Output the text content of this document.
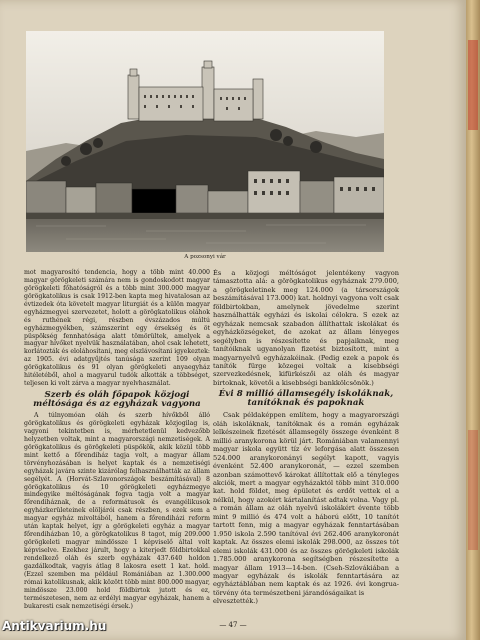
A pozsonyi vár

mot magyarosító tendencia, hogy a több mint 40.000 magyar görögkeleti számára nem is gondoskodott magyar görögkeleti főhatóságról és a több mint 300.000 magyar görögkatolikus is csak 1912-ben kapta meg hivatalosan az évtizedek óta követelt magyar liturgiát és a külön magyar egyházmegyei szervezetet, holott a görögkatolikus oláhok és ruthének régi, részben évszázados múltú egyházmegyékben, számszerint egy érsekség és öt püspökség fennhatósága alatt tömörültek, amelyek a magyar hívőket nyelvük használatában, ahol csak lehetett, korlátozták és eloláhosítani, meg elszlávosítani igyekeztek: az 1905. évi adatgyűjtés tanúsága szerint 109 olyan görögkatolikus és 91 olyan görögkeleti anyaegyház hitéletéből, ahol a magyarul tudók alkották a többséget, teljesen ki volt zárva a magyar nyelvhasználat.

Szerb és oláh főpapok közjogi méltósága és az egyházak vagyona

A túlnyomóan oláh és szerb hívőkből álló görögkatolikus és görögkeleti egyházak közjogilag is, vagyoni tekintetben is, mérhetetlenül kedvezőbb helyzetben voltak, mint a magyarországi nemzetiségek. A görögkatolikus és görögkeleti püspökök, akik közül több mint kettő a főrendiház tagja volt, a magyar állam törvényhozásában is helyet kaptak és a nemzetiségi egyházak javára szinte kizárólag felhasználhatták az állam segélyét. A (Horvát-Szlavonországok beszámításával) 8 görögkatolikus és 10 görögkeleti egyházmegye mindegyike méltóságának fogva tagja volt a magyar főrendiháznak, de a reformátusok és evangélikusok egyházkerületeinek elöljárói csak részben, s ezek sem a magyar egyház mivoltából, hanem a főrendiházi reform után kaptak helyet, így a görögkeleti egyház a magyar főrendiházban 10, a görögkatolikus 8 tagot, míg 209.000 görögkeleti magyar mindössze 1 képviselő által volt képviselve. Ezekhez járult, hogy a kiterjedt földbirtokkal rendelkező oláh és szerb egyházak 437.640 holdon gazdálkodtak, vagyis átlag 8 lakosra esett 1 kat. hold. (Ezzel szemben ma például Romániában az 1.300.000 római katolikusnak, akik között több mint 800.000 magyar, mindössze 23.000 hold földbirtok jutott és ez, természetesen, nem az erdélyi magyar egyházak, hanem a bukaresti csak nemzetiségi érsek.)

És a közjogi méltóságot jelentékeny vagyon támasztotta alá: a görögkatolikus egyháznak 279.000, a görögkeletinek meg 124.000 (a társországok beszámításával 173.000) kat. holdnyi vagyona volt csak földbirtokban, amelynek jövedelme szerint használhatták egyházi és iskolai célokra. S ezek az egyházak nemcsak szabadon állíthattak iskolákat és egyházközségeket, de azokat az állam lényeges segélyben is részesítette és papjaiknak, meg tanítóiknak ugyanolyan fizetést biztosított, mint a magyarnyelvű egyházakéinak. (Pedig ezek a papok és tanítók fürge közegei voltak a kisebbségi szervezkedésnek, kifürkészői az oláh és magyar birtoknak, követői a kisebbségi bankkölcsönök.)

Évi 8 millió államsegély iskoláknak, tanítóknak és papoknak

Csak példaképpen említem, hogy a magyarországi oláh iskoláknak, tanítóknak és a román egyházak lelkészeinek fizetését államsegély összege évenként 8 millió aranykorona körül járt. Romániában valamennyi magyar iskola együtt tíz év leforgása alatt összesen 524.000 aranykoronányi segélyt kapott, vagyis évenként 52.400 aranykoronát, — ezzel szemben azonban számottevő károkat állítottak elő a tényleges akciók, mert a magyar egyházaktól több mint 310.000 kat. hold földet, meg épületet és erdőt vettek el a nélkül, hogy azokért kártalanítást adtak volna. Vagy pl. a román állam az oláh nyelvű iskolákért évente több mint 9 millió és 474 volt a háború előtt, 10 tanítót tartott fenn, mig a magyar egyházak fenntartásában 1.950 iskola 2.590 tanítóval évi 262.406 aranykoronát kaptak. Az összes elemi iskolák 298.000, az összes tót elemi iskolák 431.000 és az összes görögkeleti iskolák 1.785.000 aranykorona segítségben részesítette a magyar állam 1913—14-ben. (Cseh-Szlovákiában a magyar egyházak és iskolák fenntartására az egyháztáblában nem kaptak és az 1926. évi kongrua-törvény óta természetbeni járandóságaikat is

elvesztették.)

— 47 —
Antikvarium.hu
